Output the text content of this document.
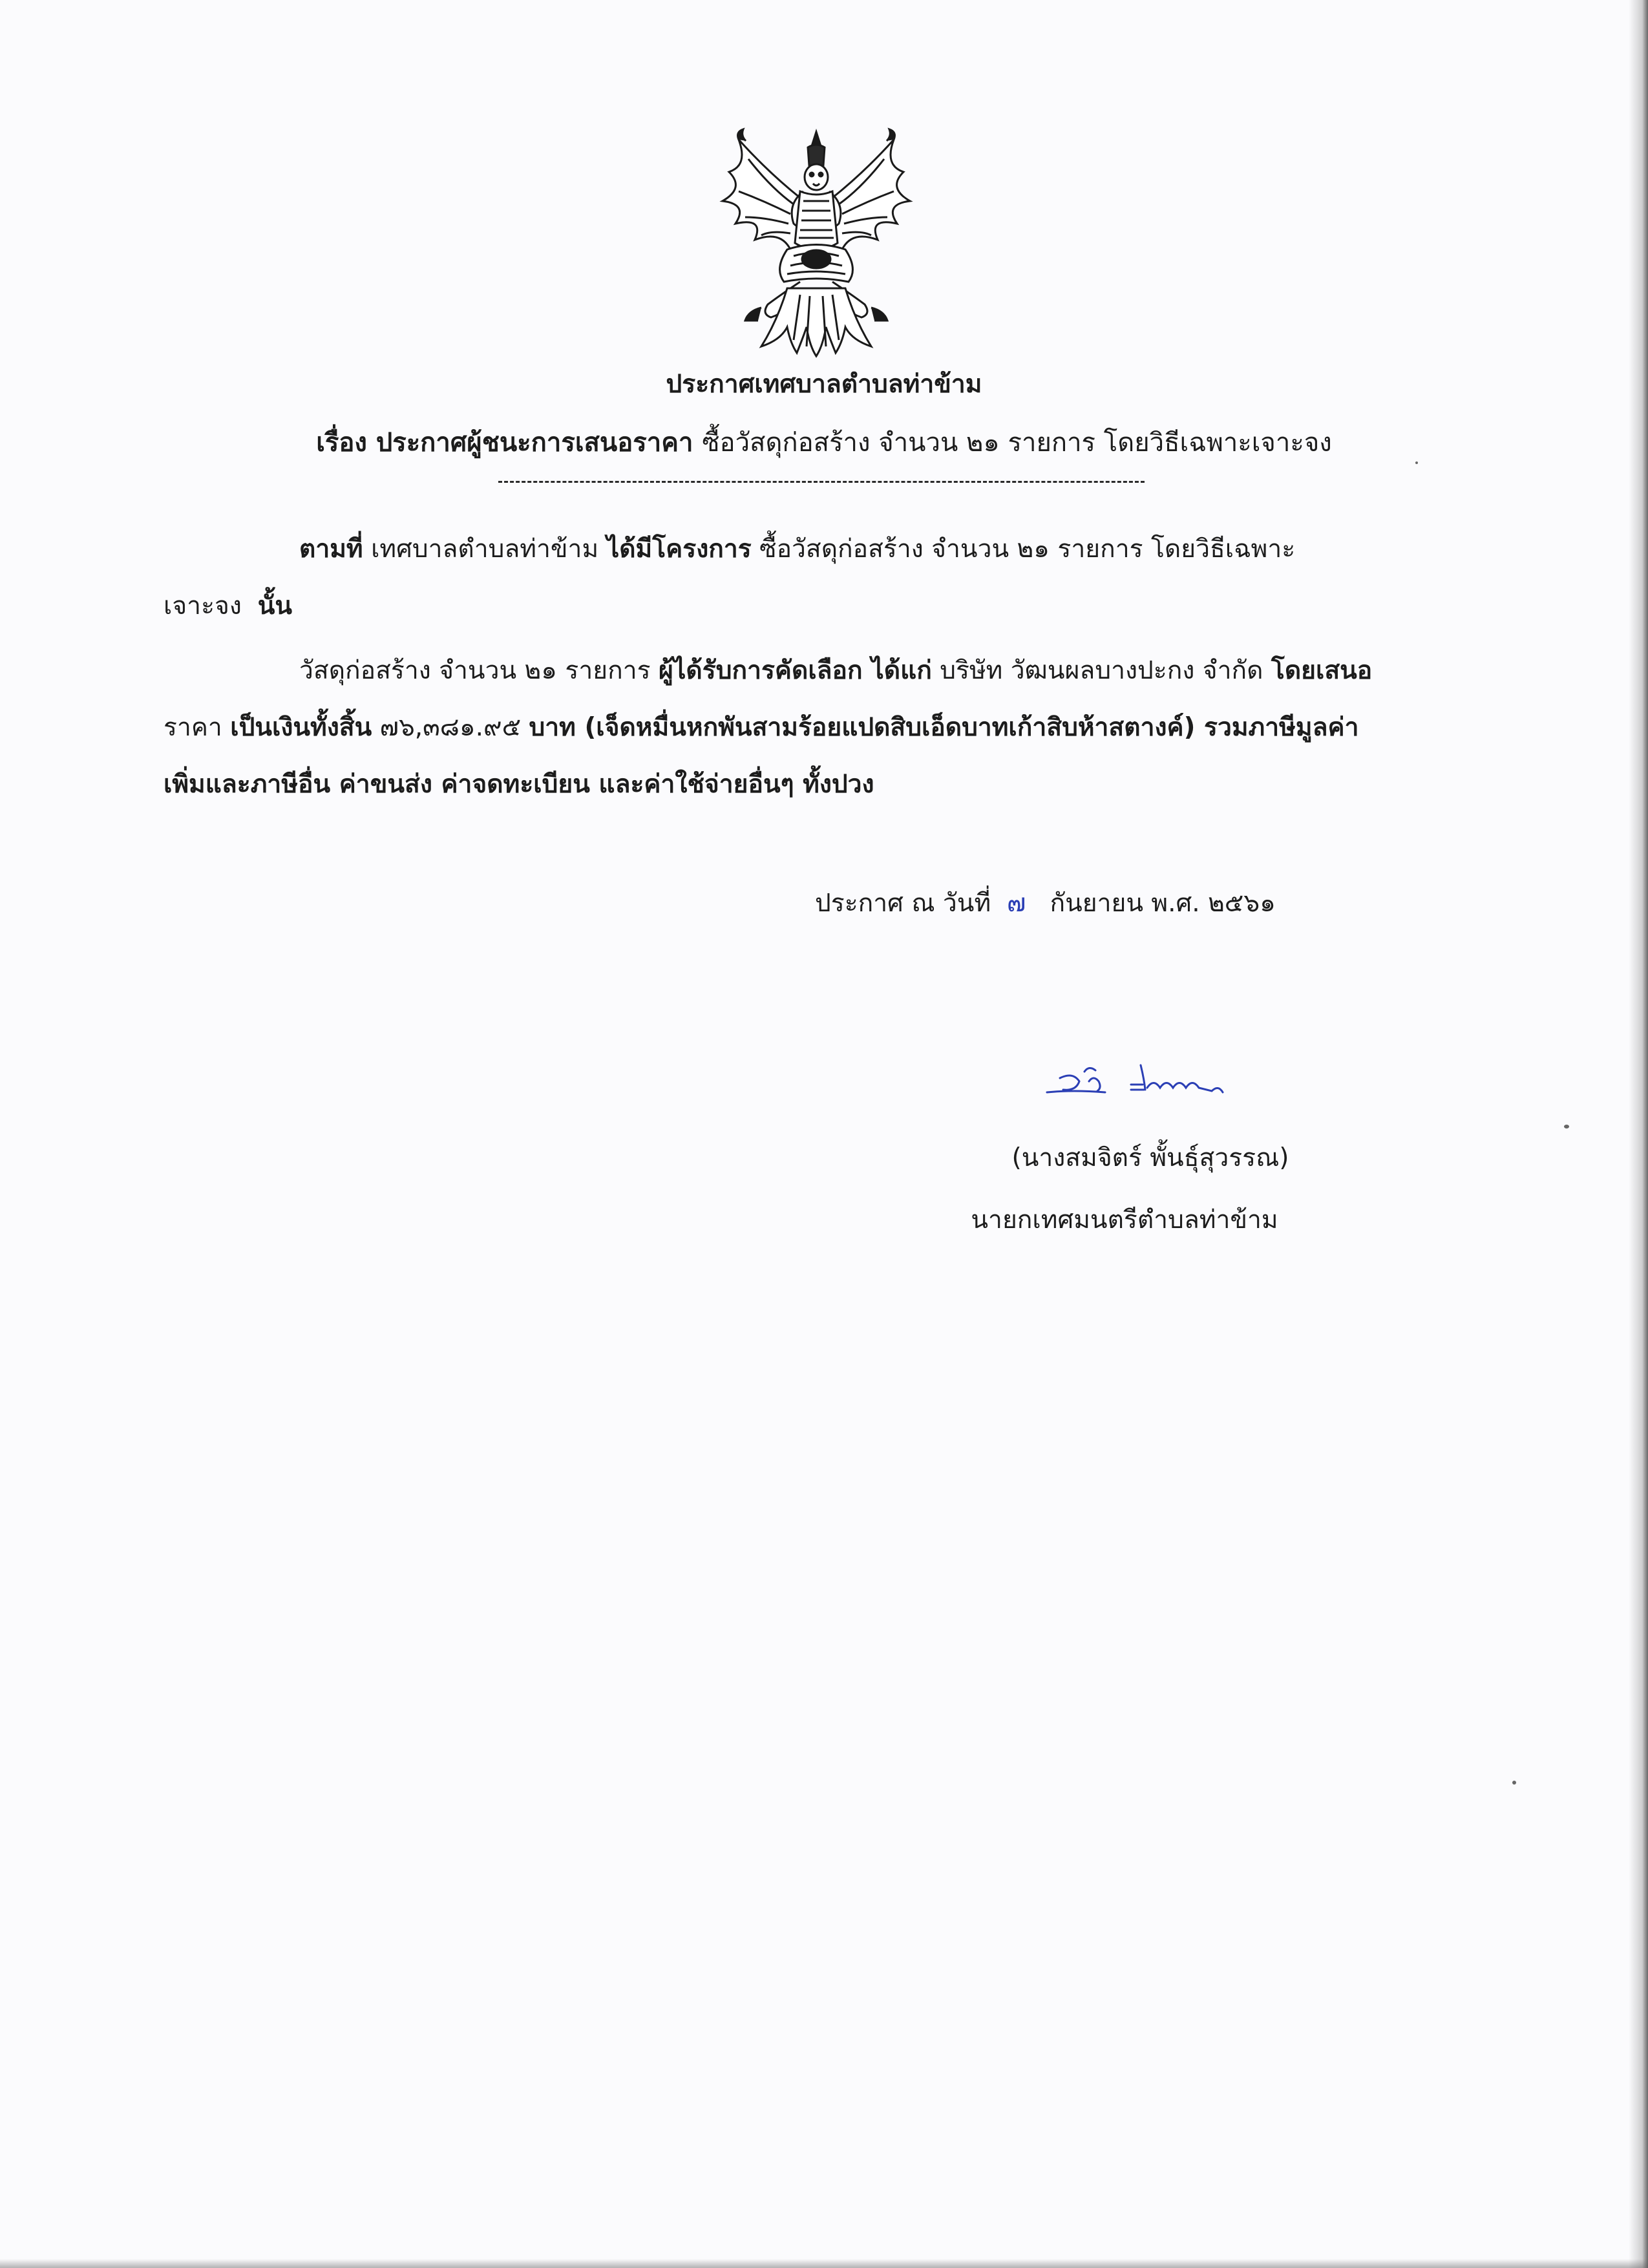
ประกาศเทศบาลตำบลท่าข้าม
เรื่อง ประกาศผู้ชนะการเสนอราคา ซื้อวัสดุก่อสร้าง จำนวน ๒๑ รายการ โดยวิธีเฉพาะเจาะจง
ตามที่ เทศบาลตำบลท่าข้าม ได้มีโครงการ ซื้อวัสดุก่อสร้าง จำนวน ๒๑ รายการ โดยวิธีเฉพาะ
เจาะจง นั้น
วัสดุก่อสร้าง จำนวน ๒๑ รายการ ผู้ได้รับการคัดเลือก ได้แก่ บริษัท วัฒนผลบางปะกง จำกัด โดยเสนอ
ราคา เป็นเงินทั้งสิ้น ๗๖,๓๘๑.๙๕ บาท (เจ็ดหมื่นหกพันสามร้อยแปดสิบเอ็ดบาทเก้าสิบห้าสตางค์) รวมภาษีมูลค่า
เพิ่มและภาษีอื่น ค่าขนส่ง ค่าจดทะเบียน และค่าใช้จ่ายอื่นๆ ทั้งปวง
ประกาศ ณ วันที่ ๗ กันยายน พ.ศ. ๒๕๖๑
(นางสมจิตร์ พั้นธุ์สุวรรณ)
นายกเทศมนตรีตำบลท่าข้าม
